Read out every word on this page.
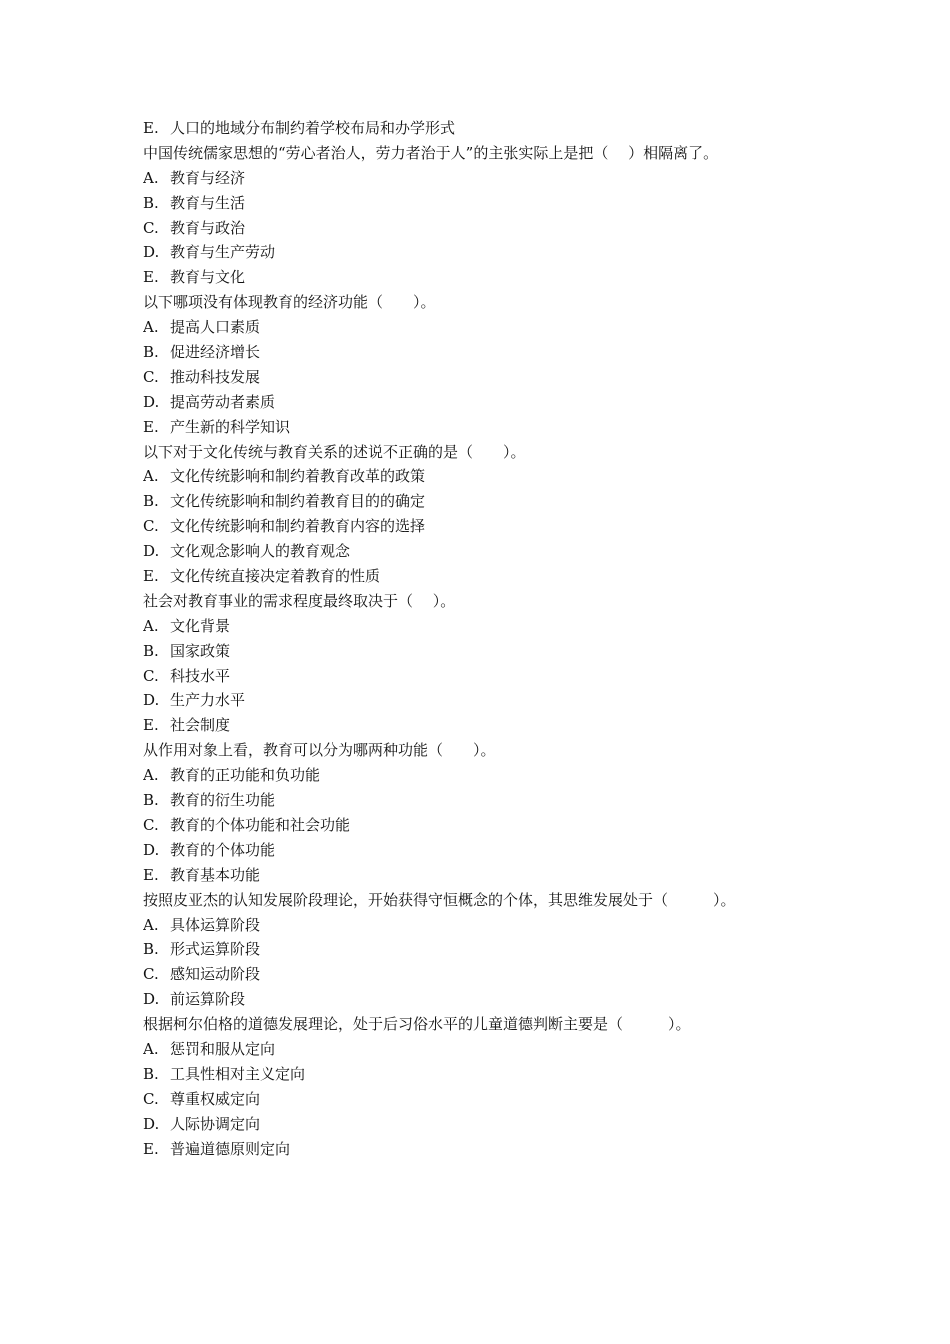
E. 人口的地域分布制约着学校布局和办学形式
中国传统儒家思想的“劳心者治人，劳力者治于人”的主张实际上是把（　 ）相隔离了。
A. 教育与经济
B. 教育与生活
C. 教育与政治
D. 教育与生产劳动
E. 教育与文化
以下哪项没有体现教育的经济功能（　　）。
A. 提高人口素质
B. 促进经济增长
C. 推动科技发展
D. 提高劳动者素质
E. 产生新的科学知识
以下对于文化传统与教育关系的述说不正确的是（　　）。
A. 文化传统影响和制约着教育改革的政策
B. 文化传统影响和制约着教育目的的确定
C. 文化传统影响和制约着教育内容的选择
D. 文化观念影响人的教育观念
E. 文化传统直接决定着教育的性质
社会对教育事业的需求程度最终取决于（　 ）。
A. 文化背景
B. 国家政策
C. 科技水平
D. 生产力水平
E. 社会制度
从作用对象上看，教育可以分为哪两种功能（　　）。
A. 教育的正功能和负功能
B. 教育的衍生功能
C. 教育的个体功能和社会功能
D. 教育的个体功能
E. 教育基本功能
按照皮亚杰的认知发展阶段理论，开始获得守恒概念的个体，其思维发展处于（　　　）。
A. 具体运算阶段
B. 形式运算阶段
C. 感知运动阶段
D. 前运算阶段
根据柯尔伯格的道德发展理论，处于后习俗水平的儿童道德判断主要是（　　　）。
A. 惩罚和服从定向
B. 工具性相对主义定向
C. 尊重权威定向
D. 人际协调定向
E. 普遍道德原则定向
